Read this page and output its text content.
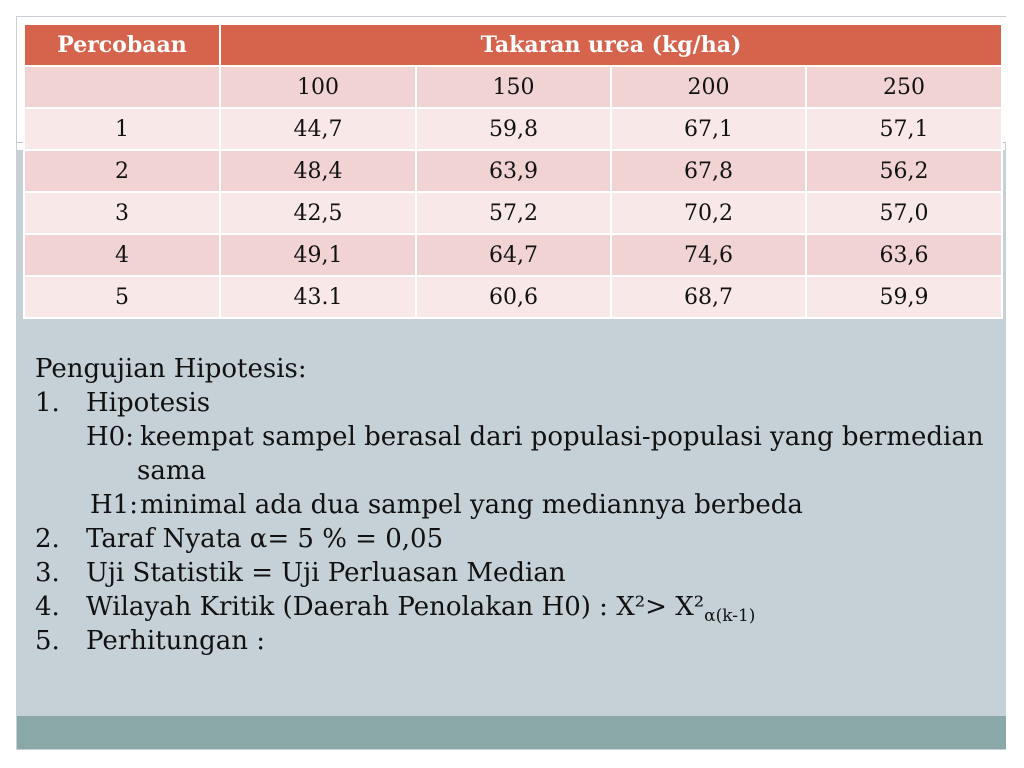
Percobaan	Takaran urea (kg/ha)			
	100	150	200	250
1	44,7	59,8	67,1	57,1
2	48,4	63,9	67,8	56,2
3	42,5	57,2	70,2	57,0
4	49,1	64,7	74,6	63,6
5	43.1	60,6	68,7	59,9
Pengujian Hipotesis:
1. Hipotesis
H0: keempat sampel berasal dari populasi-populasi yang bermedian
sama
H1: minimal ada dua sampel yang mediannya berbeda
2. Taraf Nyata α= 5 % = 0,05
3. Uji Statistik = Uji Perluasan Median
4. Wilayah Kritik (Daerah Penolakan H0) : $X^2> X^2_{\alpha(k-1)}$
5. Perhitungan :
